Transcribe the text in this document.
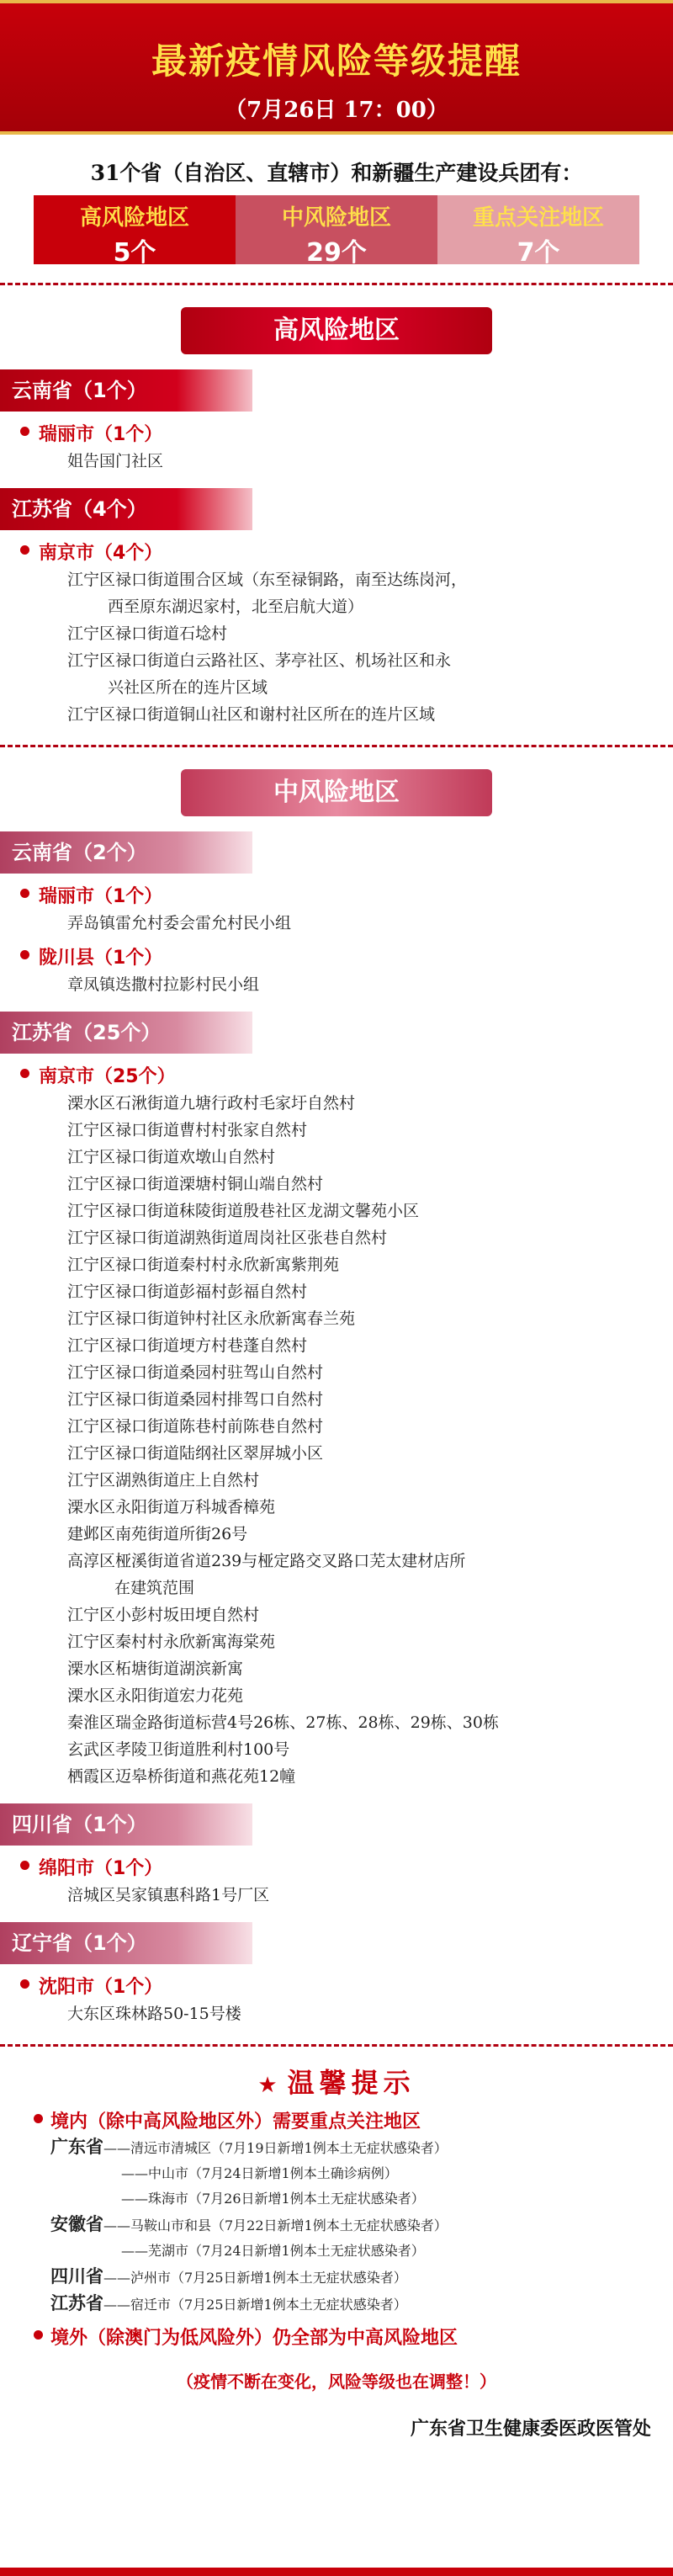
最新疫情风险等级提醒
（7月26日 17：00）
31个省（自治区、直辖市）和新疆生产建设兵团有：
高风险地区
5个
中风险地区
29个
重点关注地区
7个
高风险地区
云南省（1个）
瑞丽市（1个）
姐告国门社区
江苏省（4个）
南京市（4个）
江宁区禄口街道围合区域（东至禄铜路，南至达练岗河，
西至原东湖迟家村，北至启航大道）
江宁区禄口街道石埝村
江宁区禄口街道白云路社区、茅亭社区、机场社区和永
兴社区所在的连片区域
江宁区禄口街道铜山社区和谢村社区所在的连片区域
中风险地区
云南省（2个）
瑞丽市（1个）
弄岛镇雷允村委会雷允村民小组
陇川县（1个）
章凤镇迭撒村拉影村民小组
江苏省（25个）
南京市（25个）
溧水区石湫街道九塘行政村毛家圩自然村
江宁区禄口街道曹村村张家自然村
江宁区禄口街道欢墩山自然村
江宁区禄口街道溧塘村铜山端自然村
江宁区禄口街道秣陵街道殷巷社区龙湖文馨苑小区
江宁区禄口街道湖熟街道周岗社区张巷自然村
江宁区禄口街道秦村村永欣新寓紫荆苑
江宁区禄口街道彭福村彭福自然村
江宁区禄口街道钟村社区永欣新寓春兰苑
江宁区禄口街道埂方村巷蓬自然村
江宁区禄口街道桑园村驻驾山自然村
江宁区禄口街道桑园村排驾口自然村
江宁区禄口街道陈巷村前陈巷自然村
江宁区禄口街道陆纲社区翠屏城小区
江宁区湖熟街道庄上自然村
溧水区永阳街道万科城香樟苑
建邺区南苑街道所街26号
高淳区桠溪街道省道239与桠定路交叉路口芜太建材店所
在建筑范围
江宁区小彭村坂田埂自然村
江宁区秦村村永欣新寓海棠苑
溧水区柘塘街道湖滨新寓
溧水区永阳街道宏力花苑
秦淮区瑞金路街道标营4号26栋、27栋、28栋、29栋、30栋
玄武区孝陵卫街道胜利村100号
栖霞区迈皋桥街道和燕花苑12幢
四川省（1个）
绵阳市（1个）
涪城区吴家镇惠科路1号厂区
辽宁省（1个）
沈阳市（1个）
大东区珠林路50-15号楼
★ 温馨提示
境内（除中高风险地区外）需要重点关注地区
广东省——清远市清城区（7月19日新增1例本土无症状感染者）
——中山市（7月24日新增1例本土确诊病例）
——珠海市（7月26日新增1例本土无症状感染者）
安徽省——马鞍山市和县（7月22日新增1例本土无症状感染者）
——芜湖市（7月24日新增1例本土无症状感染者）
四川省——泸州市（7月25日新增1例本土无症状感染者）
江苏省——宿迁市（7月25日新增1例本土无症状感染者）
境外（除澳门为低风险外）仍全部为中高风险地区
（疫情不断在变化，风险等级也在调整！）
广东省卫生健康委医政医管处
